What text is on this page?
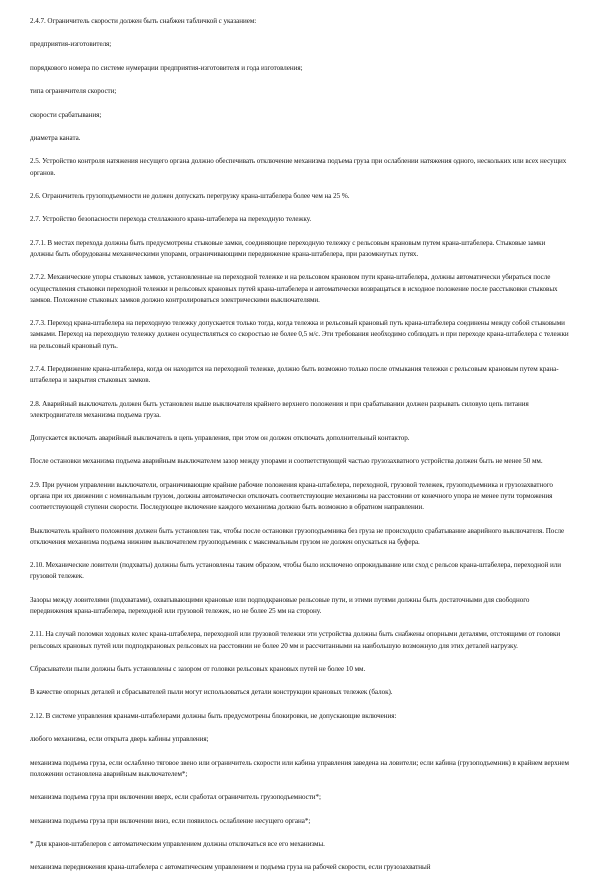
2.4.7. Ограничитель скорости должен быть снабжен табличкой с указанием:

предприятия-изготовителя;

порядкового номера по системе нумерации предприятия-изготовителя и года изготовления;

типа ограничителя скорости;

скорости срабатывания;

диаметра каната.

2.5. Устройство контроля натяжения несущего органа должно обеспечивать отключение механизма подъема груза при ослаблении натяжения одного, нескольких или всех несущих органов.

2.6. Ограничитель грузоподъемности не должен допускать перегрузку крана-штабелера более чем на 25 %.

2.7. Устройство безопасности перехода стеллажного крана-штабелера на переходную тележку.

2.7.1. В местах перехода должны быть предусмотрены стыковые замки, соединяющие переходную тележку с рельсовым крановым путем крана-штабелера. Стыковые замки должны быть оборудованы механическими упорами, ограничивающими передвижение крана-штабелера, при разомкнутых путях.

2.7.2. Механические упоры стыковых замков, установленные на переходной тележке и на рельсовом крановом пути крана-штабелера, должны автоматически убираться после осуществления стыковки переходной тележки и рельсовых крановых путей крана-штабелера и автоматически возвращаться в исходное положение после расстыковки стыковых замков. Положение стыковых замков должно контролироваться электрическими выключателями.

2.7.3. Переход крана-штабелера на переходную тележку допускается только тогда, когда тележка и рельсовый крановый путь крана-штабелера соединены между собой стыковыми замками. Переход на переходную тележку должен осуществляться со скоростью не более 0,5 м/с. Эти требования необходимо соблюдать и при переходе крана-штабелера с тележки на рельсовый крановый путь.

2.7.4. Передвижение крана-штабелера, когда он находится на переходной тележке, должно быть возможно только после отмыкания тележки с рельсовым крановым путем крана-штабелера и закрытия стыковых замков.

2.8. Аварийный выключатель должен быть установлен выше выключателя крайнего верхнего положения и при срабатывании должен разрывать силовую цепь питания электродвигателя механизма подъема груза.

Допускается включать аварийный выключатель в цепь управления, при этом он должен отключать дополнительный контактор.

После остановки механизма подъема аварийным выключателем зазор между упорами и соответствующей частью грузозахватного устройства должен быть не менее 50 мм.

2.9. При ручном управлении выключатели, ограничивающие крайние рабочие положения крана-штабелера, переходной, грузовой тележек, грузоподъемника и грузозахватного органа при их движении с номинальным грузом, должны автоматически отключать соответствующие механизмы на расстоянии от конечного упора не менее пути торможения соответствующей ступени скорости. Последующее включение каждого механизма должно быть возможно в обратном направлении.

Выключатель крайнего положения должен быть установлен так, чтобы после остановки грузоподъемника без груза не происходило срабатывание аварийного выключателя. После отключения механизма подъема нижним выключателем грузоподъемник с максимальным грузом не должен опускаться на буфера.

2.10. Механические ловители (подхваты) должны быть установлены таким образом, чтобы было исключено опрокидывание или сход с рельсов крана-штабелера, переходной или грузовой тележек.

Зазоры между ловителями (подхватами), охватывающими крановые или подподкрановые рельсовые пути, и этими путями должны быть достаточными для свободного передвижения крана-штабелера, переходной или грузовой тележек, но не более 25 мм на сторону.

2.11. На случай поломки ходовых колес крана-штабелера, переходной или грузовой тележки эти устройства должны быть снабжены опорными деталями, отстоящими от головки рельсовых крановых путей или подподкрановых рельсовых на расстоянии не более 20 мм и рассчитанными на наибольшую возможную для этих деталей нагрузку.

Сбрасыватели пыли должны быть установлены с зазором от головки рельсовых крановых путей не более 10 мм.

В качестве опорных деталей и сбрасывателей пыли могут использоваться детали конструкции крановых тележек (балок).

2.12. В системе управления кранами-штабелерами должны быть предусмотрены блокировки, не допускающие включения:

любого механизма, если открыта дверь кабины управления;

механизма подъема груза, если ослаблено тяговое звено или ограничитель скорости или кабина управления заведена на ловители; если кабина (грузоподъемник) в крайнем верхнем положении остановлена аварийным выключателем*;

механизма подъема груза при включении вверх, если сработал ограничитель грузоподъемности*;

механизма подъема груза при включении вниз, если появилось ослабление несущего органа*;

* Для кранов-штабелеров с автоматическим управлением должны отключаться все его механизмы.

механизма передвижения крана-штабелера с автоматическим управлением и подъема груза на рабочей скорости, если грузозахватный
